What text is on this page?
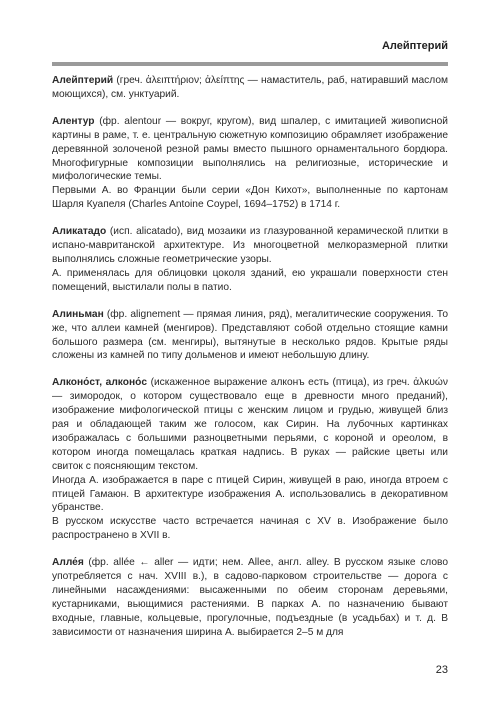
Алейптерий

Алейптерий (греч. ἀλειπτήριον; ἀλείπτης — намаститель, раб, натиравший маслом моющихся), см. унктуарий.

Алентур (фр. alentour — вокруг, кругом), вид шпалер, с имитацией живописной картины в раме, т. е. центральную сюжетную композицию обрамляет изображение деревянной золоченой резной рамы вместо пышного орнаментального бордюра. Многофигурные композиции выполнялись на религиозные, исторические и мифологические темы.

Первыми А. во Франции были серии «Дон Кихот», выполненные по картонам Шарля Куапеля (Charles Antoine Coypel, 1694–1752) в 1714 г.

Аликатадо (исп. alicatado), вид мозаики из глазурованной керамической плитки в испано-мавританской архитектуре. Из многоцветной мелкоразмерной плитки выполнялись сложные геометрические узоры.

А. применялась для облицовки цоколя зданий, ею украшали поверхности стен помещений, выстилали полы в патио.

Алиньман (фр. alignement — прямая линия, ряд), мегалитические сооружения. То же, что аллеи камней (менгиров). Представляют собой отдельно стоящие камни большого размера (см. менгиры), вытянутые в несколько рядов. Крытые ряды сложены из камней по типу дольменов и имеют небольшую длину.

Алконо́ст, алконо́с (искаженное выражение алконъ есть (птица), из греч. ἀλκυών — зимородок, о котором существовало еще в древности много преданий), изображение мифологической птицы с женским лицом и грудью, живущей близ рая и обладающей таким же голосом, как Сирин. На лубочных картинках изображалась с большими разноцветными перьями, с короной и ореолом, в котором иногда помещалась краткая надпись. В руках — райские цветы или свиток с поясняющим текстом.

Иногда А. изображается в паре с птицей Сирин, живущей в раю, иногда втроем с птицей Гамаюн. В архитектуре изображения А. использовались в декоративном убранстве.

В русском искусстве часто встречается начиная с XV в. Изображение было распространено в XVII в.

Алле́я (фр. allée ← aller — идти; нем. Allee, англ. alley. В русском языке слово употребляется с нач. XVIII в.), в садово-парковом строительстве — дорога с линейными насаждениями: высаженными по обеим сторонам деревьями, кустарниками, вьющимися растениями. В парках А. по назначению бывают входные, главные, кольцевые, прогулочные, подъездные (в усадьбах) и т. д. В зависимости от назначения ширина А. выбирается 2–5 м для

23
